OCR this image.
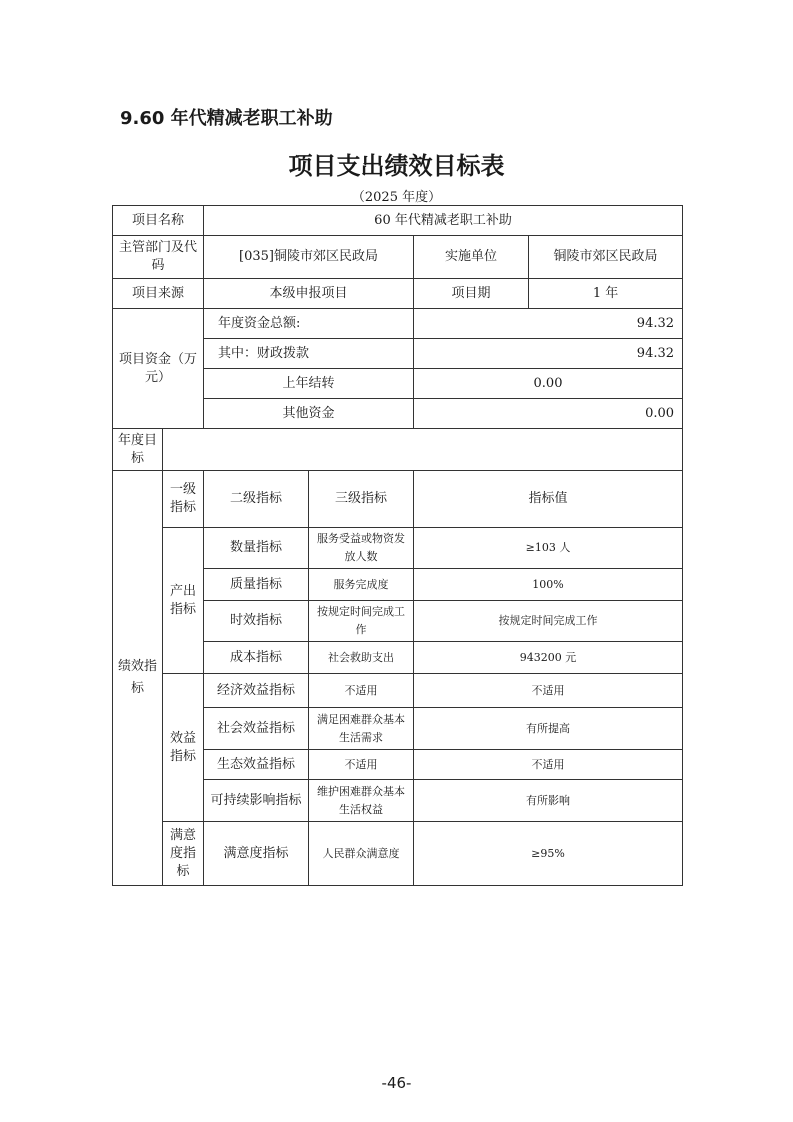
9.60 年代精减老职工补助
项目支出绩效目标表
（2025 年度）
项目名称		60 年代精减老职工补助			
主管部门及代码		[035]铜陵市郊区民政局		实施单位	铜陵市郊区民政局
项目来源		本级申报项目		项目期	1 年
项目资金（万元）		年度资金总额:		94.32	
		其中：财政拨款		94.32	
		上年结转		0.00	
		其他资金		0.00	
年度目标					
绩效指标	一级指标	二级指标	三级指标	指标值	
	产出指标	数量指标	服务受益或物资发放人数	≥103 人	
		质量指标	服务完成度	100%	
		时效指标	按规定时间完成工作	按规定时间完成工作	
		成本指标	社会救助支出	943200 元	
	效益指标	经济效益指标	不适用	不适用	
		社会效益指标	满足困难群众基本生活需求	有所提高	
		生态效益指标	不适用	不适用	
		可持续影响指标	维护困难群众基本生活权益	有所影响	
	满意度指标	满意度指标	人民群众满意度	≥95%	
-46-
